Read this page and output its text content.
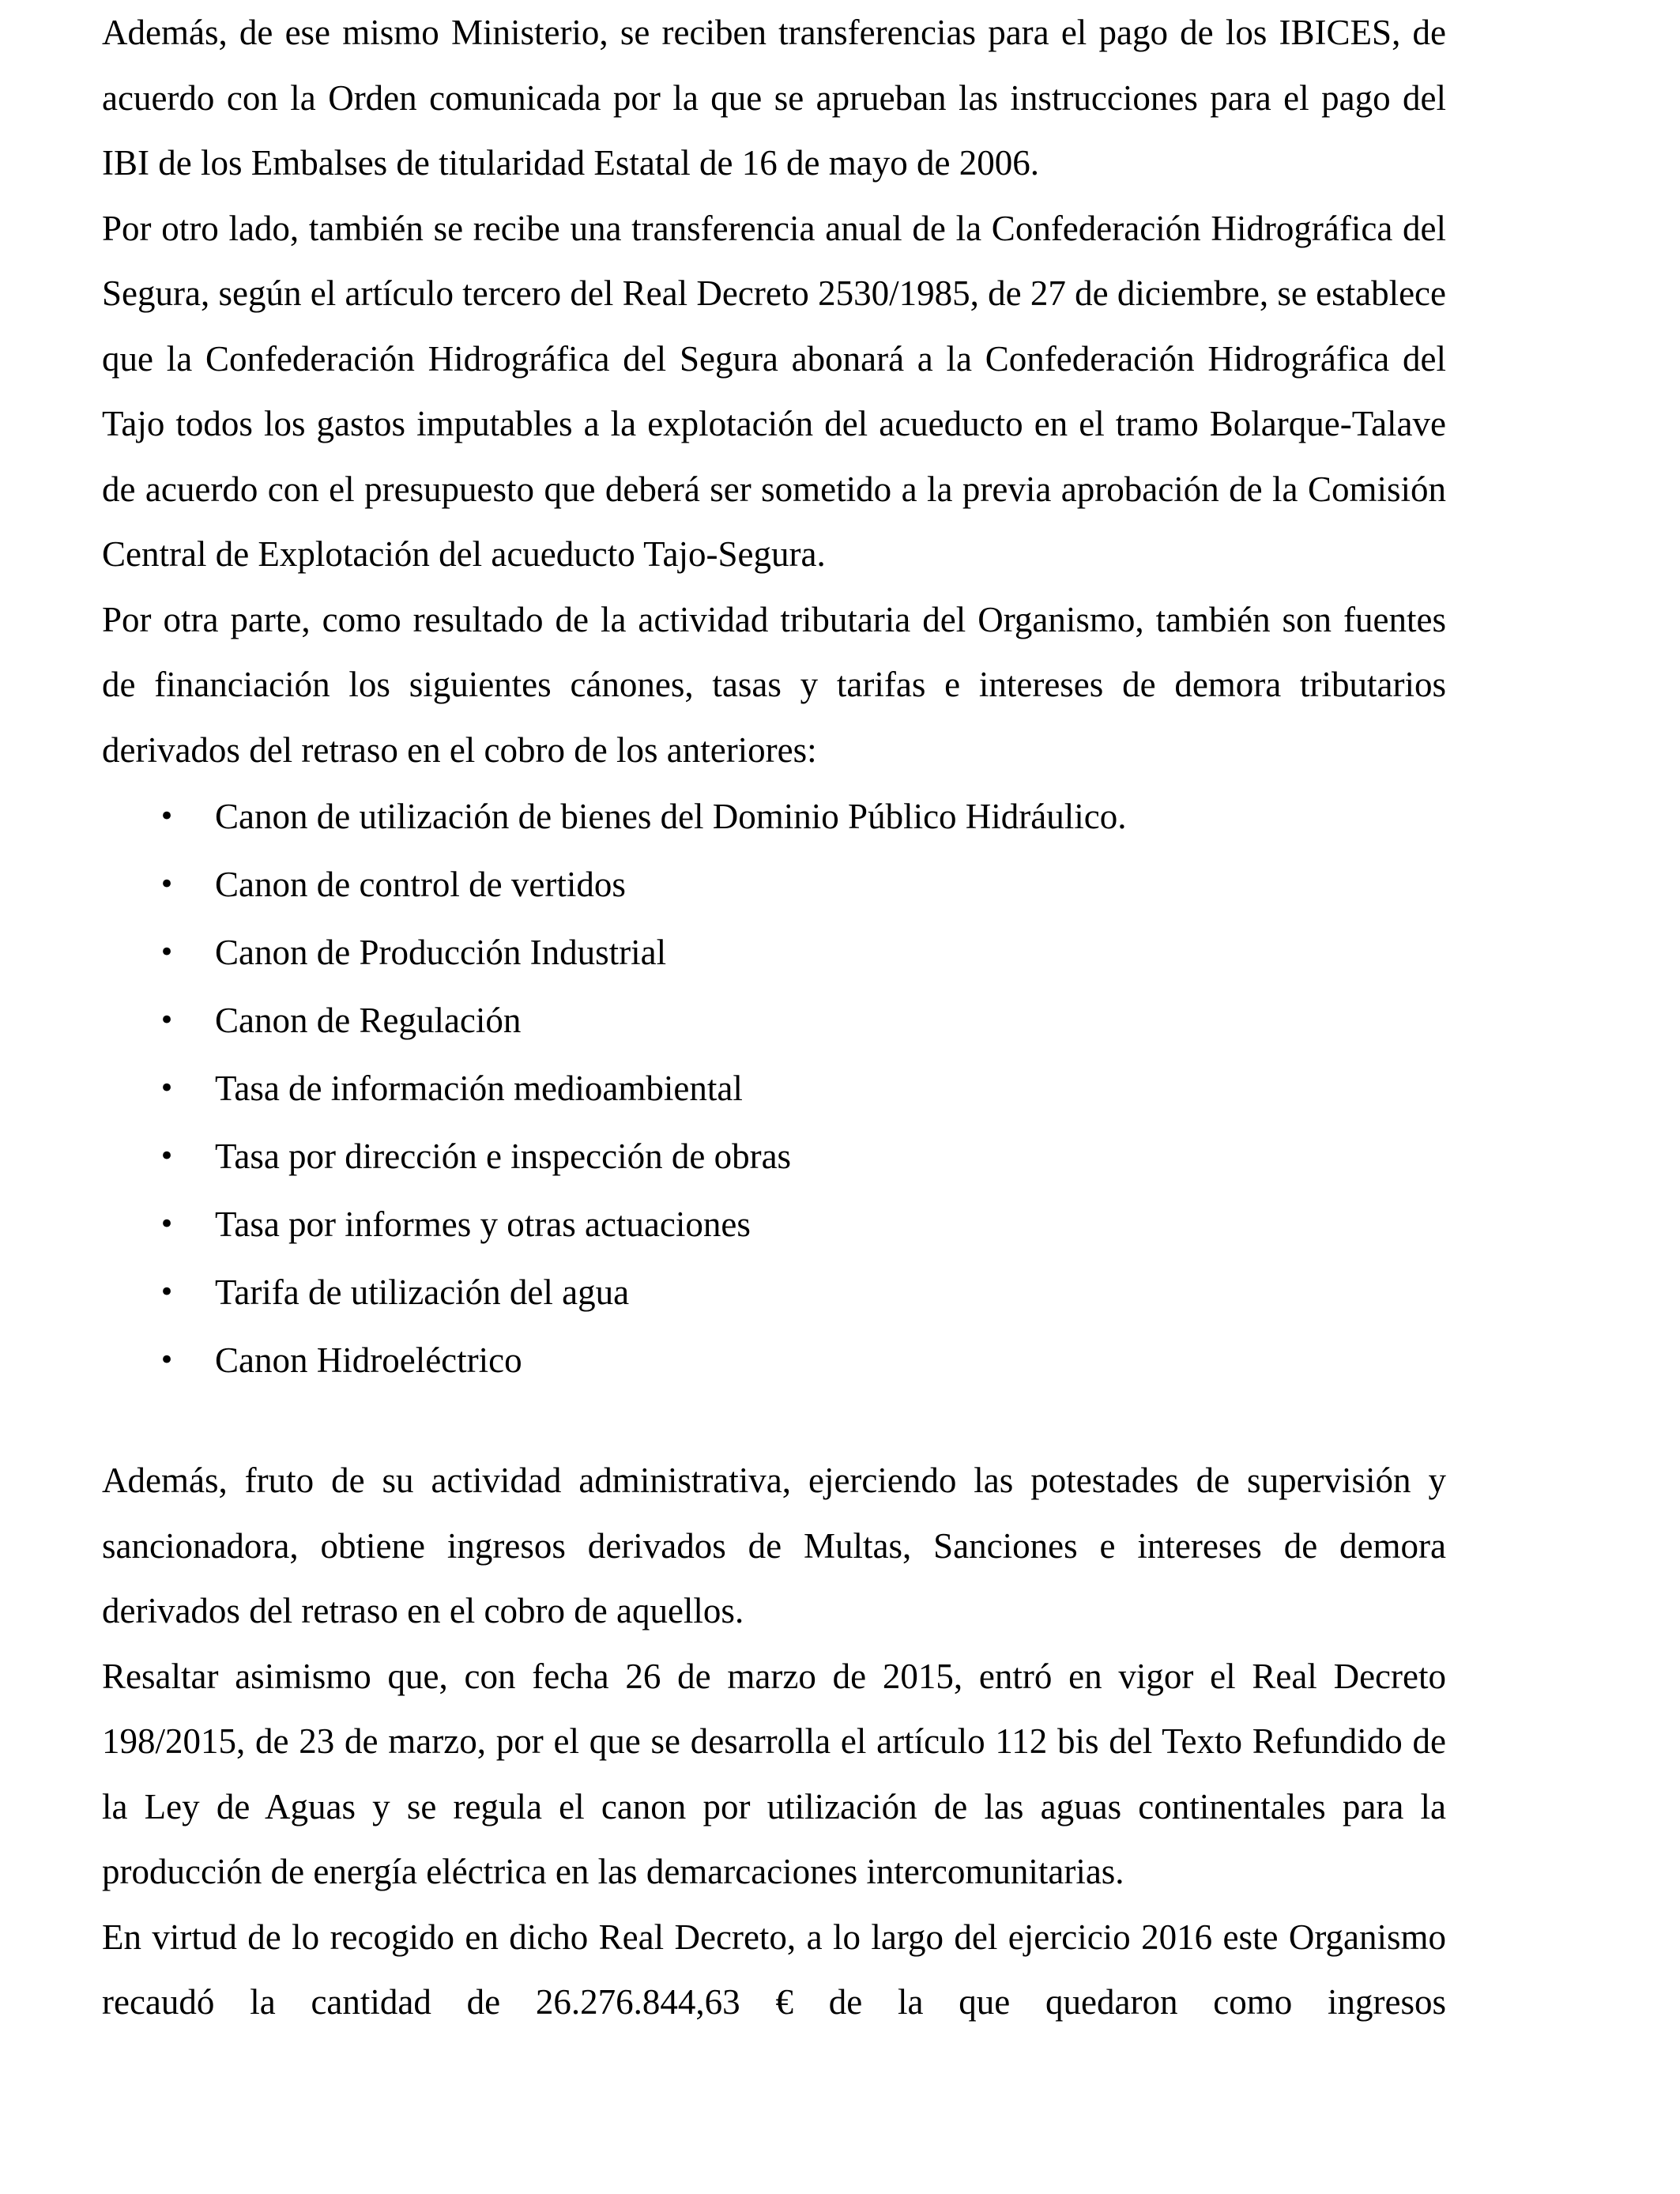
Además, de ese mismo Ministerio, se reciben transferencias para el pago de los IBICES, de acuerdo con la Orden comunicada por la que se aprueban las instrucciones para el pago del IBI de los Embalses de titularidad Estatal de 16 de mayo de 2006.

Por otro lado, también se recibe una transferencia anual de la Confederación Hidrográfica del Segura, según el artículo tercero del Real Decreto 2530/1985, de 27 de diciembre, se establece que la Confederación Hidrográfica del Segura abonará a la Confederación Hidrográfica del Tajo todos los gastos imputables a la explotación del acueducto en el tramo Bolarque-Talave de acuerdo con el presupuesto que deberá ser sometido a la previa aprobación de la Comisión Central de Explotación del acueducto Tajo-Segura.

Por otra parte, como resultado de la actividad tributaria del Organismo, también son fuentes de financiación los siguientes cánones, tasas y tarifas e intereses de demora tributarios derivados del retraso en el cobro de los anteriores:

• Canon de utilización de bienes del Dominio Público Hidráulico.
• Canon de control de vertidos
• Canon de Producción Industrial
• Canon de Regulación
• Tasa de información medioambiental
• Tasa por dirección e inspección de obras
• Tasa por informes y otras actuaciones
• Tarifa de utilización del agua
• Canon Hidroeléctrico

Además, fruto de su actividad administrativa, ejerciendo las potestades de supervisión y sancionadora, obtiene ingresos derivados de Multas, Sanciones e intereses de demora derivados del retraso en el cobro de aquellos.

Resaltar asimismo que, con fecha 26 de marzo de 2015, entró en vigor el Real Decreto 198/2015, de 23 de marzo, por el que se desarrolla el artículo 112 bis del Texto Refundido de la Ley de Aguas y se regula el canon por utilización de las aguas continentales para la producción de energía eléctrica en las demarcaciones intercomunitarias.

En virtud de lo recogido en dicho Real Decreto, a lo largo del ejercicio 2016 este Organismo recaudó la cantidad de 26.276.844,63 € de la que quedaron como ingresos
